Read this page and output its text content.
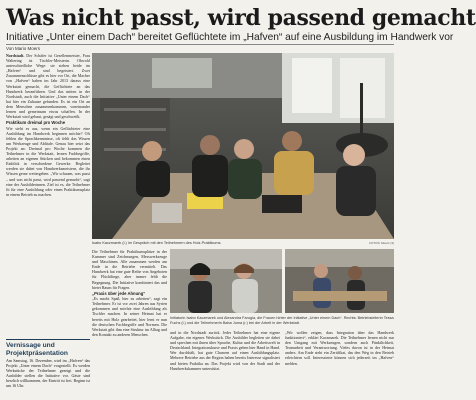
Was nicht passt, wird passend gemacht
Initiative „Unter einem Dach“ bereitet Geflüchtete im „Hafven“ auf eine Ausbildung im Handwerk vor
Von Mario Moers

Nordstadt. Der Schäfer ist Gesellenmeister, Frau Waltering ist Tischler-Meisterin. Obwohl unterschiedliche Wege: sie stehen beide im „Hafven“ und sind begeistert. Zwei Zusammenschlüsse gibt es hier vor Ort, die Macher von „Hafven“ haben im Jahr 2013 daraus eine Werkstatt gemacht, die Geflüchtete an das Handwerk heranführen. Und das mitten in der Nordstadt, auch die Initiative „Unter einem Dach“ hat hier ein Zuhause gefunden. Es ist ein Ort an dem Menschen zusammenkommen, voneinander lernen und gemeinsam etwas schaffen. In der Werkstatt wird gebaut, gesägt und geschweißt.

Praktikum dreimal pro Woche

Wie sieht es aus, wenn ein Geflüchteter eine Ausbildung im Handwerk beginnen möchte? Oft fehlen die Sprachkenntnisse, oft fehlt das Wissen um Werkzeuge und Abläufe. Genau hier setzt das Projekt an: Dreimal pro Woche kommen die Teilnehmer in die Werkstatt, lernen Fachbegriffe, arbeiten an eigenen Stücken und bekommen einen Einblick in verschiedene Gewerke. Begleitet werden sie dabei von Handwerksmeistern, die ihr Wissen gerne weitergeben. „Wir schauen, was passt – und was nicht passt, wird passend gemacht“, sagt eine der Ausbilderinnen. Ziel ist es, die Teilnehmer fit für eine Ausbildung oder einen Praktikumsplatz in einem Betrieb zu machen.

Vernissage und Projektpräsentation
Am Samstag, 16. Dezember, wird im „Hafven“ das Projekt „Unter einem Dach“ vorgestellt. Es werden Werkstücke der Teilnehmer gezeigt und die Ausbilder stellen die Initiative vor. Gäste sind herzlich willkommen, der Eintritt ist frei. Beginn ist um 16 Uhr.
Isabo Kaczmarek (l.) im Gespräch mit den Teilnehmern des Holz-Praktikums.	FOTOS: Moers (3)

Die Teilnehmer für Praktikumsplätze in der Kammer sind Zeichnungen, Messwerkzeuge und Maschinen. Alle zusammen werden am Ende in die Betriebe vermittelt. Das Handwerk hat eine gute Reihe von Angeboten für Flüchtlinge, aber immer fehlt die Begegnung. Die Initiative kombiniert das und bietet Raum für Fragen.

„Praxis über jede Ahnung“

„Es macht Spaß, hier zu arbeiten“, sagt ein Teilnehmer. Er ist vor zwei Jahren aus Syrien gekommen und möchte eine Ausbildung als Tischler machen. In seiner Heimat hat er bereits mit Holz gearbeitet, hier lernt er nun die deutschen Fachbegriffe und Normen. Die Werkstatt gibt ihm eine Struktur im Alltag und den Kontakt zu anderen Menschen.

Initiatorin Isabo Kaczmarek und Alexandra Farugia, die Frauen hinter der Initiative „Unter einem Dach“. Rechts: Betriebsleiterin Tessa Fuchs (l.) und die Teilnehmerin Baba Juma (r.) bei der Arbeit in der Werkstatt.

und in die Nordstadt zurück. Jeder Teilnehmer hat eine eigene Aufgabe, ein eigenes Werkstück. Die Ausbilder begleiten sie dabei und sprechen mit ihnen über Sprache, Kultur und die Arbeitswelt in Deutschland. Integrationskurse und Praxis gehen hier Hand in Hand. Wer durchhält, hat gute Chancen auf einen Ausbildungsplatz. Mehrere Betriebe aus der Region haben bereits Interesse signalisiert und bieten Praktika an. Das Projekt wird von der Stadt und der Handwerkskammer unterstützt.

„Wir wollen zeigen, dass Integration über das Handwerk funktioniert“, erklärt Kaczmarek. Die Teilnehmer lernen nicht nur den Umgang mit Werkzeugen, sondern auch Pünktlichkeit, Teamarbeit und Verantwortung. Vieles davon ist in der Heimat anders. Am Ende steht ein Zertifikat, das den Weg in den Betrieb erleichtern soll. Interessierte können sich jederzeit im „Hafven“ melden.
